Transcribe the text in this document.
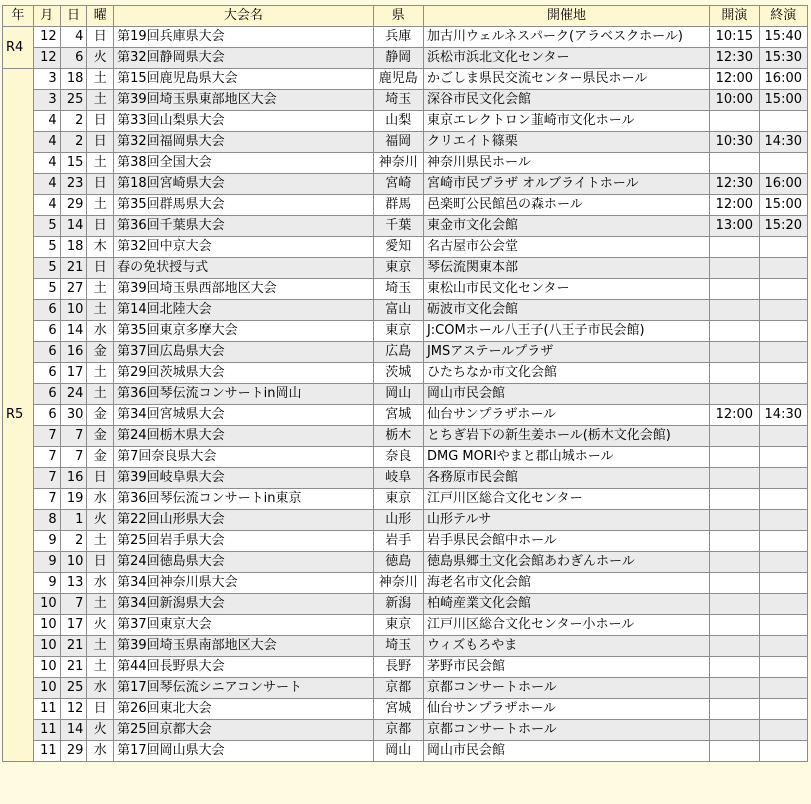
年	月	日	曜	大会名	県	開催地	開演	終演
R4	12	4	日	第19回兵庫県大会	兵庫	加古川ウェルネスパーク(アラベスクホール)	10:15	15:40
	12	6	火	第32回静岡県大会	静岡	浜松市浜北文化センター	12:30	15:30
R5	3	18	土	第15回鹿児島県大会	鹿児島	かごしま県民交流センター県民ホール	12:00	16:00
	3	25	土	第39回埼玉県東部地区大会	埼玉	深谷市民文化会館	10:00	15:00
	4	2	日	第33回山梨県大会	山梨	東京エレクトロン韮崎市文化ホール		
	4	2	日	第32回福岡県大会	福岡	クリエイト篠栗	10:30	14:30
	4	15	土	第38回全国大会	神奈川	神奈川県民ホール		
	4	23	日	第18回宮崎県大会	宮崎	宮崎市民プラザ オルブライトホール	12:30	16:00
	4	29	土	第35回群馬県大会	群馬	邑楽町公民館邑の森ホール	12:00	15:00
	5	14	日	第36回千葉県大会	千葉	東金市文化会館	13:00	15:20
	5	18	木	第32回中京大会	愛知	名古屋市公会堂		
	5	21	日	春の免状授与式	東京	琴伝流関東本部		
	5	27	土	第39回埼玉県西部地区大会	埼玉	東松山市民文化センター		
	6	10	土	第14回北陸大会	富山	砺波市文化会館		
	6	14	水	第35回東京多摩大会	東京	J:COMホール八王子(八王子市民会館)		
	6	16	金	第37回広島県大会	広島	JMSアステールプラザ		
	6	17	土	第29回茨城県大会	茨城	ひたちなか市文化会館		
	6	24	土	第36回琴伝流コンサートin岡山	岡山	岡山市民会館		
	6	30	金	第34回宮城県大会	宮城	仙台サンプラザホール	12:00	14:30
	7	7	金	第24回栃木県大会	栃木	とちぎ岩下の新生姜ホール(栃木文化会館)		
	7	7	金	第7回奈良県大会	奈良	DMG MORIやまと郡山城ホール		
	7	16	日	第39回岐阜県大会	岐阜	各務原市民会館		
	7	19	水	第36回琴伝流コンサートin東京	東京	江戸川区総合文化センター		
	8	1	火	第22回山形県大会	山形	山形テルサ		
	9	2	土	第25回岩手県大会	岩手	岩手県民会館中ホール		
	9	10	日	第24回徳島県大会	徳島	徳島県郷土文化会館あわぎんホール		
	9	13	水	第34回神奈川県大会	神奈川	海老名市文化会館		
	10	7	土	第34回新潟県大会	新潟	柏崎産業文化会館		
	10	17	火	第37回東京大会	東京	江戸川区総合文化センター小ホール		
	10	21	土	第39回埼玉県南部地区大会	埼玉	ウィズもろやま		
	10	21	土	第44回長野県大会	長野	茅野市民会館		
	10	25	水	第17回琴伝流シニアコンサート	京都	京都コンサートホール		
	11	12	日	第26回東北大会	宮城	仙台サンプラザホール		
	11	14	火	第25回京都大会	京都	京都コンサートホール		
	11	29	水	第17回岡山県大会	岡山	岡山市民会館		
